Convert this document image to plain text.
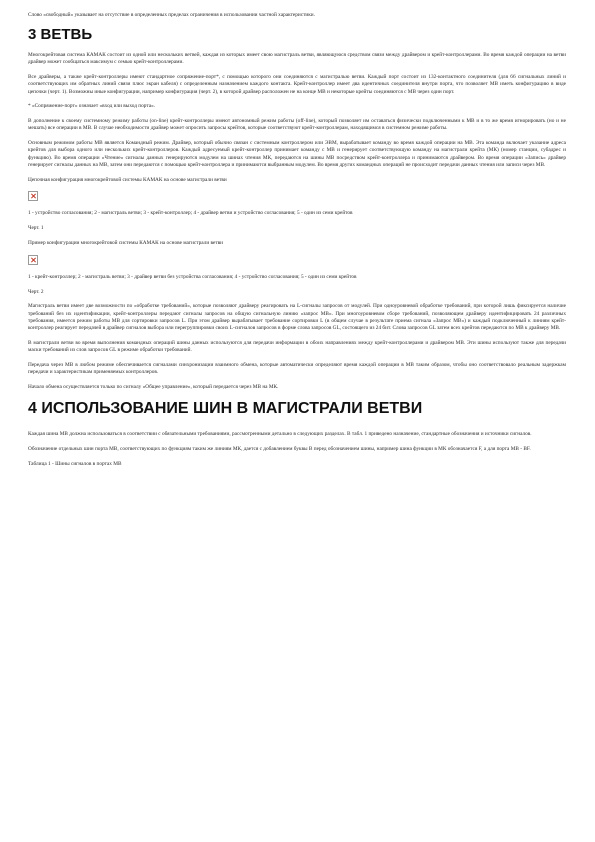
Слово «свободный» указывает на отсутствие в определенных пределах ограничения в использовании частной характеристики.

3 ВЕТВЬ

Многокрейтовая система КАМАК состоит из одной или нескольких ветвей, каждая из которых имеет свою магистраль ветви, являющуюся средством связи между драйвером и крейт-контроллерами. Во время каждой операции на ветви драйвер может сообщаться максимум с семью крейт-контроллерами.

Все драйверы, а также крейт-контроллеры имеют стандартное сопряжение-порт*, с помощью которого они соединяются с магистралью ветви. Каждый порт состоит из 132-контактного соединителя (для 66 сигнальных линий и соответствующих им обратных линий связи плюс экран кабеля) с определенным назначением каждого контакта. Крейт-контроллер имеет два идентичных соединителя внутри порта, что позволяет МВ иметь конфигурацию в виде цепочки (черт. 1). Возможны иные конфигурации, например конфигурация (черт. 2), в которой драйвер расположен не на конце МВ и некоторые крейты соединяются с МВ через один порт.

* «Сопряжение-порт» означает «вход или выход порта».

В дополнение к своему системному режиму работы (on-line) крейт-контроллеры имеют автономный режим работы (off-line), который позволяет им оставаться физически подключенными к МВ и в то же время игнорировать (но и не мешать) все операции в МВ. В случае необходимости драйвер может опросить запросы крейтов, которые соответствуют крейт-контроллерам, находящимся в системном режиме работы.

Основным режимом работы МВ является Командный режим. Драйвер, который обычно связан с системным контроллером или ЭВМ, вырабатывает команду во время каждой операции на МВ. Эта команда включает указание адреса крейтов для выбора одного или нескольких крейт-контроллеров. Каждый адресуемый крейт-контроллер принимает команду с МВ и генерирует соответствующую команду на магистрали крейта (МК) (номер станции, субадрес и функцию). Во время операции «Чтение» сигналы данных генерируются модулем на шинах чтения МК, передаются на шины МВ посредством крейт-контроллера и принимаются драйвером. Во время операции «Запись» драйвер генерирует сигналы данных на МВ, затем они передаются с помощью крейт-контроллера и принимаются выбранным модулем. Во время других командных операций не происходит передачи данных чтения или записи через МВ.

Цепочная конфигурация многокрейтовой системы КАМАК на основе магистрали ветви

1 - устройство согласования; 2 - магистраль ветви; 3 - крейт-контроллер; 4 - драйвер ветви и устройство согласования; 5 - один из семи крейтов

Черт. 1

Пример конфигурации многокрейтовой системы КАМАК на основе магистрали ветви

1 - крейт-контроллер; 2 - магистраль ветви; 3 - драйвер ветви без устройства согласования; 4 - устройство согласования; 5 - один из семи крейтов

Черт. 2

Магистраль ветви имеет две возможности по «обработке требований», которые позволяют драйверу реагировать на L-сигналы запросов от модулей. При одноуровневой обработке требований, при которой лишь фиксируется наличие требований без их идентификации, крейт-контроллеры передают сигналы запросов на общую сигнальную линию «запрос МВ». При многоуровневом сборе требований, позволяющем драйверу идентифицировать 24 различных требования, имеется режим работы МВ для сортировки запросов L. При этом драйвер вырабатывает требование сортировки L (в общем случае в результате приема сигнала «Запрос МВ») и каждый подключенный к линиям крейт-контроллер реагирует передачей в драйвер сигналов выбора или перегруппировки своих L-сигналов запросов в форме слова запросов GL, состоящего из 24 бит. Слова запросов GL затем всех крейтов передаются по МВ к драйверу МВ.

В магистрали ветви во время выполнения командных операций шины данных используются для передачи информации в обоих направлениях между крейт-контроллерами и драйвером МВ. Эти шины используют также для передачи маски требований из слов запросов GL в режиме обработки требований.

Передача через МВ в любом режиме обеспечивается сигналами синхронизации взаимного обмена, которые автоматически определяют время каждой операции в МВ таким образом, чтобы оно соответствовало реальным задержкам передачи и характеристикам применяемых контроллеров.

Начало обмена осуществляется только по сигналу «Общее управление», который передается через МВ на МК.

4 ИСПОЛЬЗОВАНИЕ ШИН В МАГИСТРАЛИ ВЕТВИ

Каждая шина МВ должна использоваться в соответствии с обязательными требованиями, рассмотренными детально в следующих разделах. В табл. 1 приведено назначение, стандартные обозначения и источники сигналов.

Обозначение отдельных шин порта МВ, соответствующих по функциям таким же линиям МК, дается с добавлением буквы В перед обозначением шины, например шина функции в МК обозначается F, а для порта МВ - BF.

Таблица 1 - Шины сигналов в портах МВ
